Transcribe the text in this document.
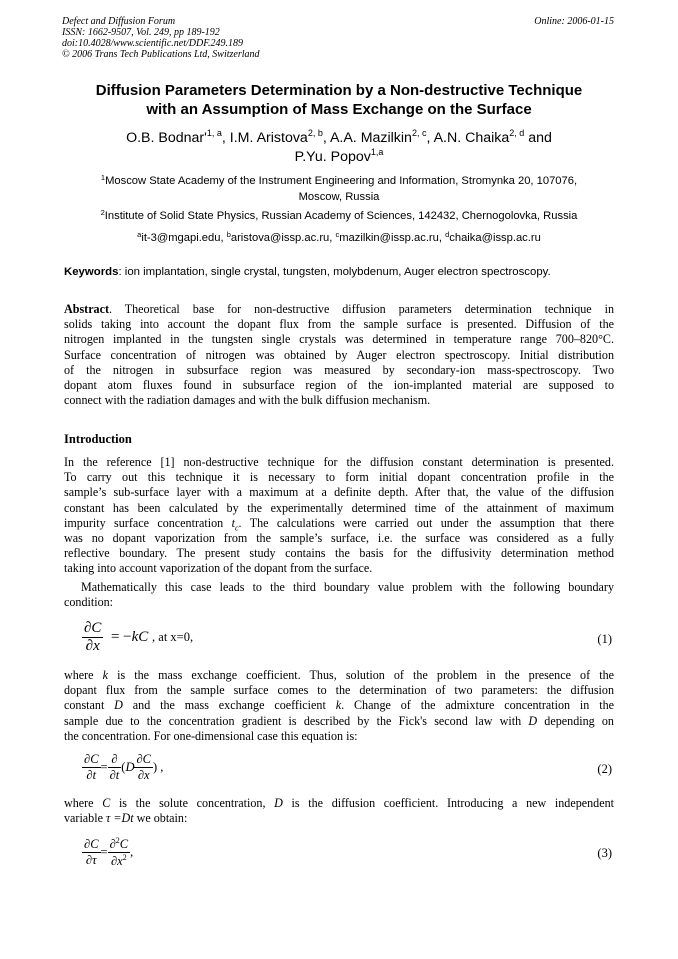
Defect and Diffusion Forum
ISSN: 1662-9507, Vol. 249, pp 189-192
doi:10.4028/www.scientific.net/DDF.249.189
© 2006 Trans Tech Publications Ltd, Switzerland
Online: 2006-01-15
Diffusion Parameters Determination by a Non-destructive Technique
with an Assumption of Mass Exchange on the Surface
O.B. $Bodnar'^{1, a}$, I.M. Aristova$^{2, b}$, A.A. Mazilkin$^{2, c}$, A.N. Chaika$^{2, d}$ and
P.Yu. Popov$^{1,a}$
$^1$Moscow State Academy of the Instrument Engineering and Information, Stromynka 20, 107076,
Moscow, Russia
$^2$Institute of Solid State Physics, Russian Academy of Sciences, 142432, Chernogolovka, Russia
$^a$it-3@mgapi.edu, $^b$aristova@issp.ac.ru, $^c$mazilkin@issp.ac.ru, $^d$chaika@issp.ac.ru
Keywords: ion implantation, single crystal, tungsten, molybdenum, Auger electron spectroscopy.
Abstract. Theoretical base for non-destructive diffusion parameters determination technique in
solids taking into account the dopant flux from the sample surface is presented. Diffusion of the
nitrogen implanted in the tungsten single crystals was determined in temperature range 700–820°C.
Surface concentration of nitrogen was obtained by Auger electron spectroscopy. Initial distribution
of the nitrogen in subsurface region was measured by secondary-ion mass-spectroscopy. Two
dopant atom fluxes found in subsurface region of the ion-implanted material are supposed to
connect with the radiation damages and with the bulk diffusion mechanism.
Introduction
In the reference [1] non-destructive technique for the diffusion constant determination is presented.
To carry out this technique it is necessary to form initial dopant concentration profile in the
sample’s sub-surface layer with a maximum at a definite depth. After that, the value of the diffusion
constant has been calculated by the experimentally determined time of the attainment of maximum
impurity surface concentration $t_c$. The calculations were carried out under the assumption that there
was no dopant vaporization from the sample’s surface, i.e. the surface was considered as a fully
reflective boundary. The present study contains the basis for the diffusivity determination method
taking into account vaporization of the dopant from the surface.
Mathematically this case leads to the third boundary value problem with the following boundary
condition:
$\frac{\partial C}{\partial x} = -kC$ , at x=0,	(1)
where k is the mass exchange coefficient. Thus, solution of the problem in the presence of the
dopant flux from the sample surface comes to the determination of two parameters: the diffusion
constant D and the mass exchange coefficient k. Change of the admixture concentration in the
sample due to the concentration gradient is described by the Fick's second law with D depending on
the concentration. For one-dimensional case this equation is:
$\frac{\partial C}{\partial t} = \frac{\partial}{\partial t} (D \frac{\partial C}{\partial x}$ ) ,	(2)
where C is the solute concentration, D is the diffusion coefficient. Introducing a new independent
variable τ =Dt we obtain:
$\frac{\partial C}{\partial\tau} = \frac{\partial^2C}{\partial x^2}$ ,	(3)
